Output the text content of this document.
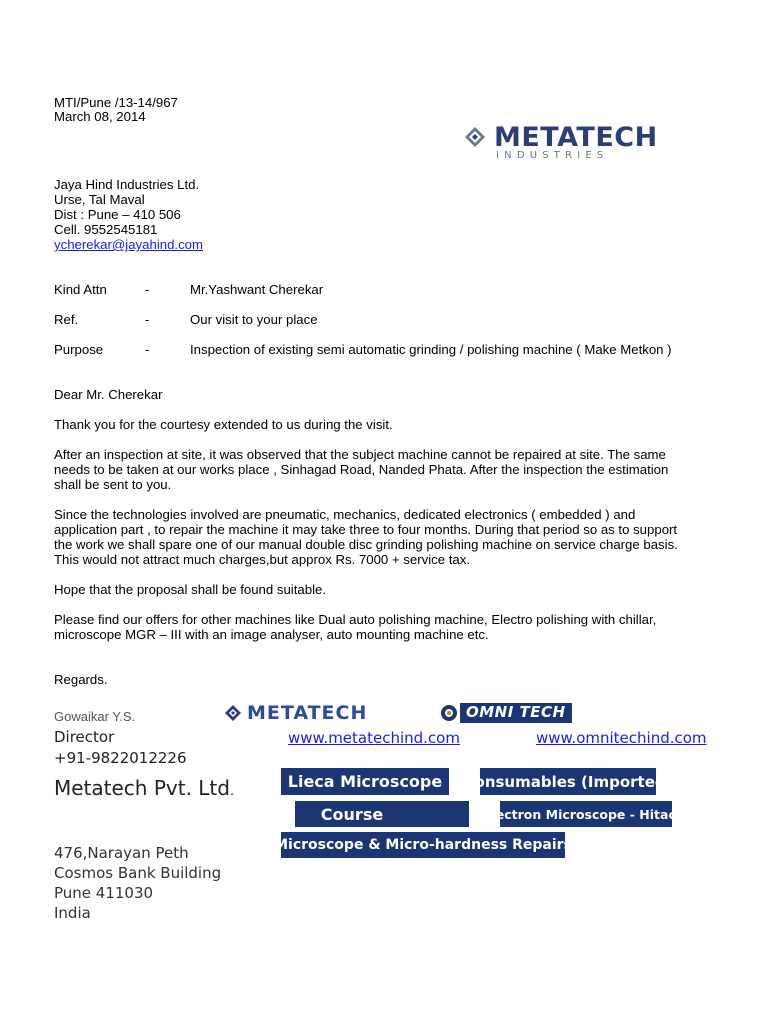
MTI/Pune /13-14/967
March 08, 2014
METATECH
INDUSTRIES
Jaya Hind Industries Ltd.
Urse, Tal Maval
Dist : Pune – 410 506
Cell. 9552545181
ycherekar@jayahind.com
Kind Attn	-	Mr.Yashwant Cherekar
Ref.	-	Our visit to your place
Purpose	-	Inspection of existing semi automatic grinding / polishing machine ( Make Metkon )
Dear Mr. Cherekar
Thank you for the courtesy extended to us during the visit.
After an inspection at site, it was observed that the subject machine cannot be repaired at site. The same
needs to be taken at our works place , Sinhagad Road, Nanded Phata. After the inspection the estimation
shall be sent to you.
Since the technologies involved are pneumatic, mechanics, dedicated electronics ( embedded ) and
application part , to repair the machine it may take three to four months. During that period so as to support
the work we shall spare one of our manual double disc grinding polishing machine on service charge basis.
This would not attract much charges,but approx Rs. 7000 + service tax.
Hope that the proposal shall be found suitable.
Please find our offers for other machines like Dual auto polishing machine, Electro polishing with chillar,
microscope MGR – III with an image analyser, auto mounting machine etc.
Regards.
Gowaikar Y.S.
Director
+91-9822012226
Metatech Pvt. Ltd.
476,Narayan Peth
Cosmos Bank Building
Pune 411030
India
METATECH	OMNI TECH
www.metatechind.com	www.omnitechind.com
Lieca Microscope Consumables (Imported)
Course	Electron Microscope - Hitachi
Microscope & Micro-hardness Repairs
